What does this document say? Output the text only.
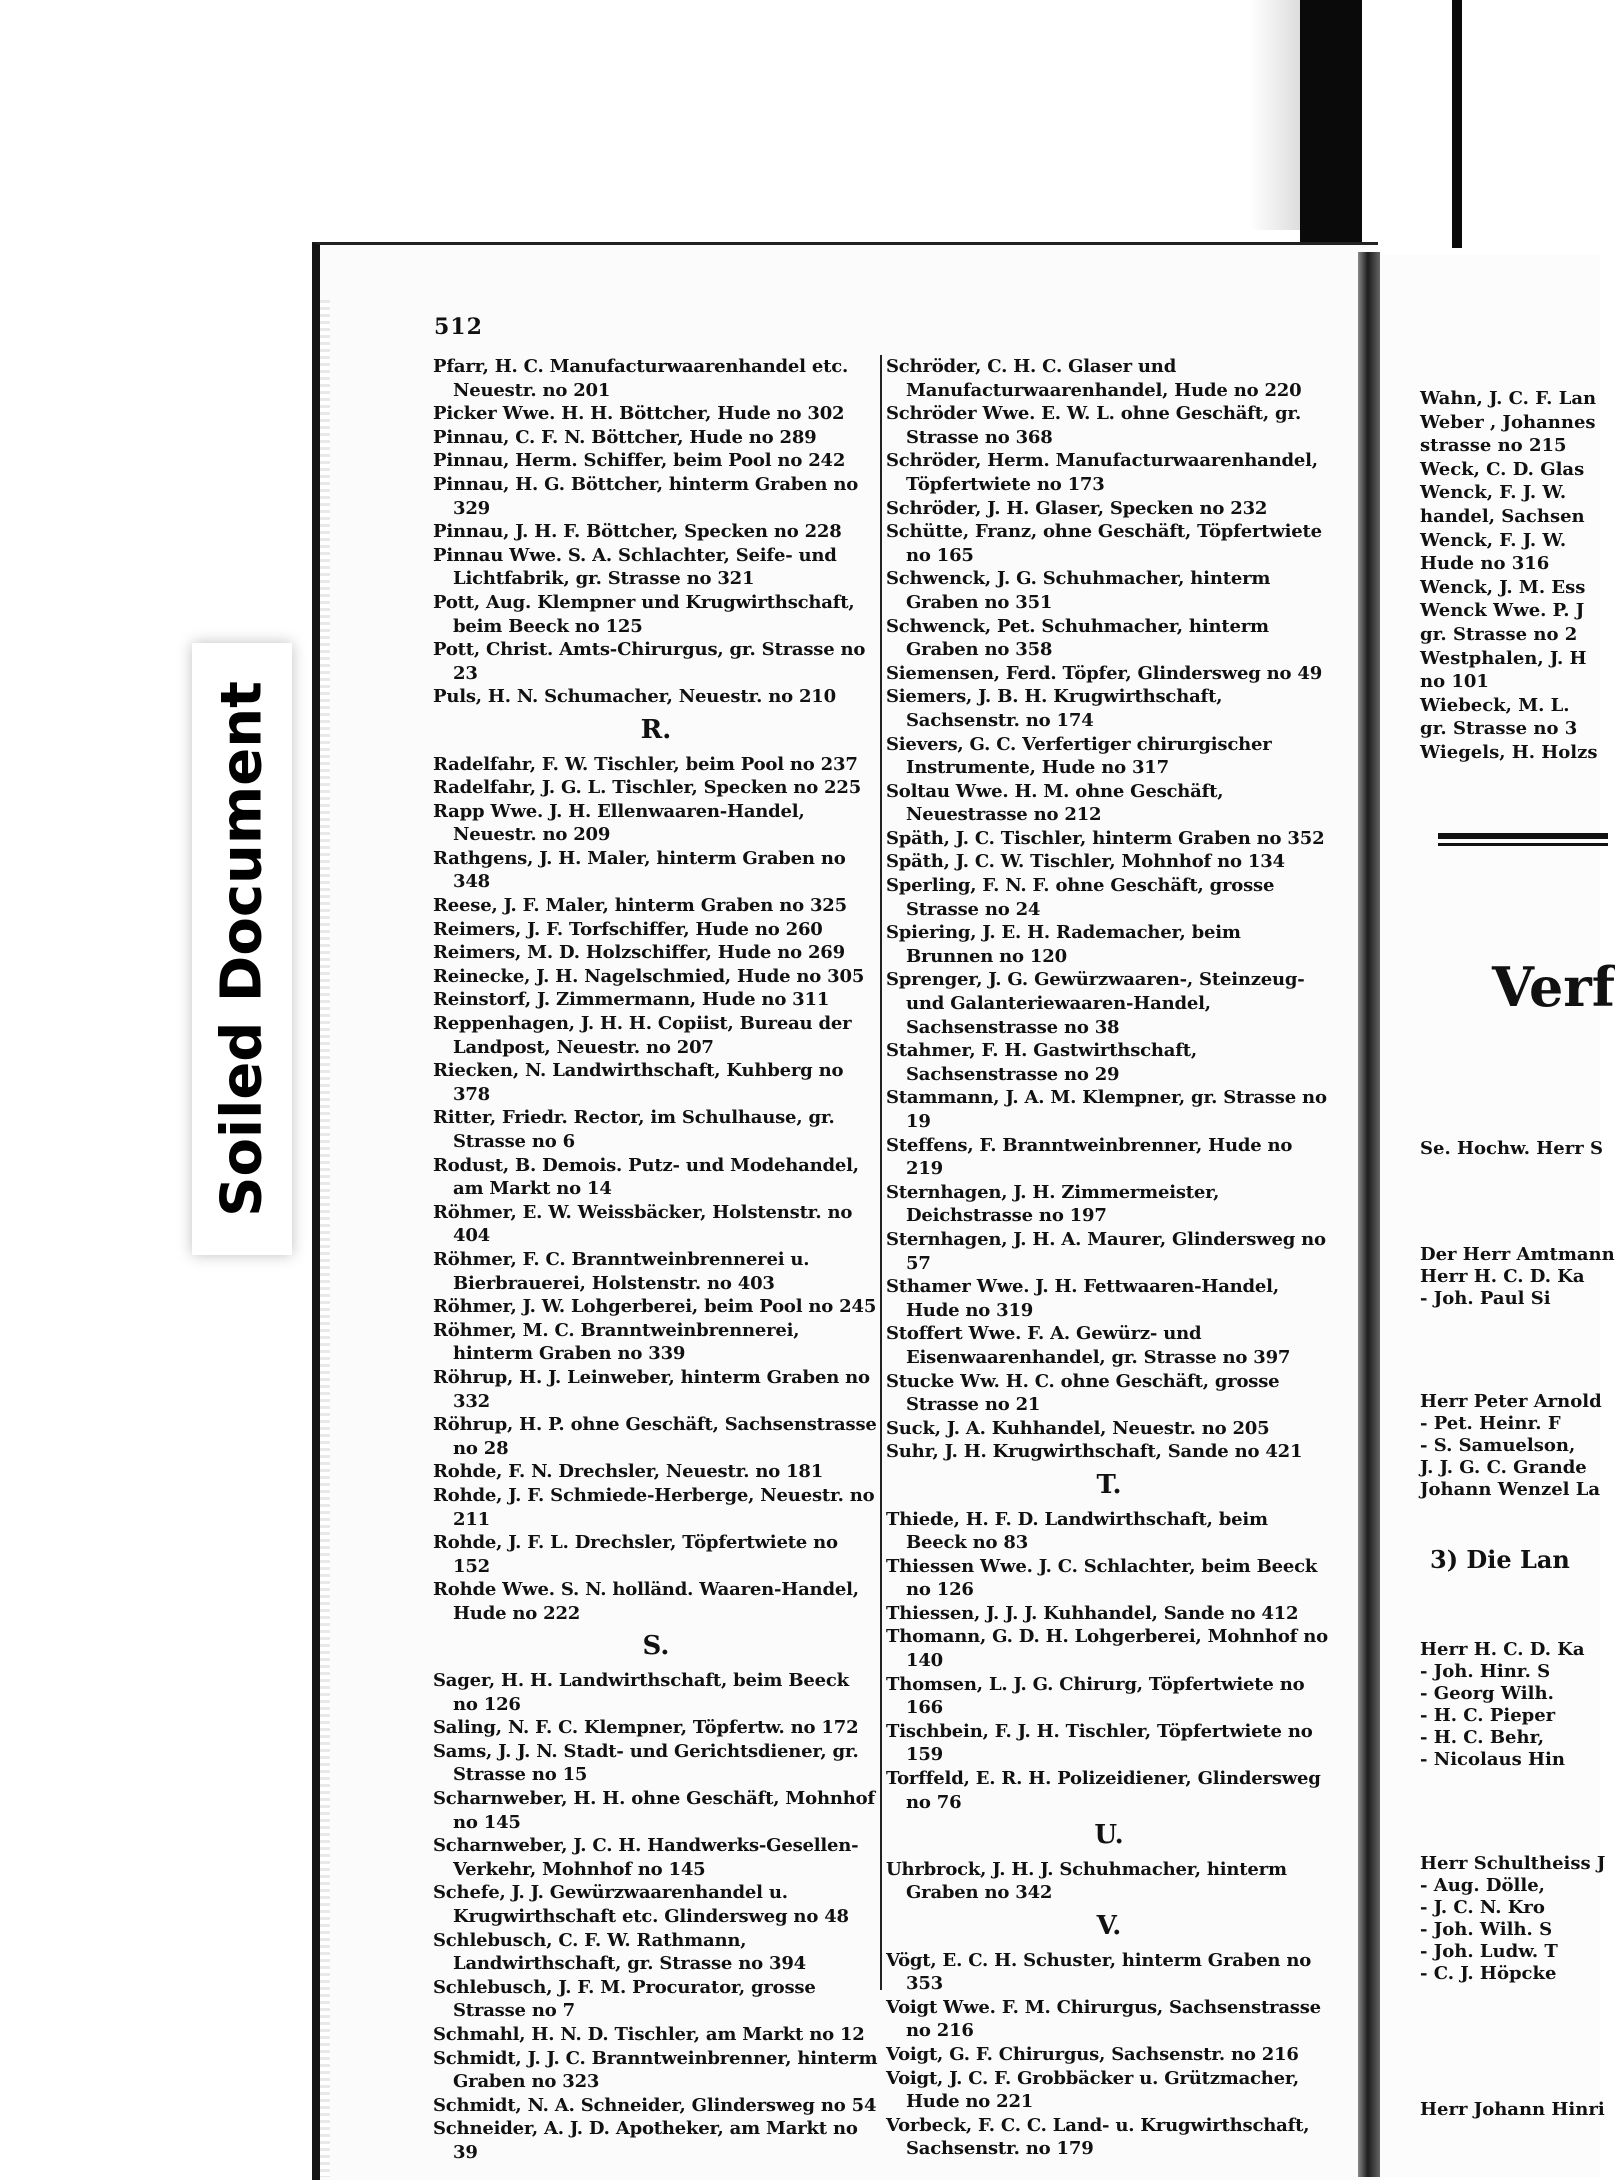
512
Pfarr, H. C. Manufacturwaarenhandel etc. Neuestr. no 201
Picker Wwe. H. H. Böttcher, Hude no 302
Pinnau, C. F. N. Böttcher, Hude no 289
Pinnau, Herm. Schiffer, beim Pool no 242
Pinnau, H. G. Böttcher, hinterm Graben no 329
Pinnau, J. H. F. Böttcher, Specken no 228
Pinnau Wwe. S. A. Schlachter, Seife- und Lichtfabrik, gr. Strasse no 321
Pott, Aug. Klempner und Krugwirthschaft, beim Beeck no 125
Pott, Christ. Amts-Chirurgus, gr. Strasse no 23
Puls, H. N. Schumacher, Neuestr. no 210
R.
Radelfahr, F. W. Tischler, beim Pool no 237
Radelfahr, J. G. L. Tischler, Specken no 225
Rapp Wwe. J. H. Ellenwaaren-Handel, Neuestr. no 209
Rathgens, J. H. Maler, hinterm Graben no 348
Reese, J. F. Maler, hinterm Graben no 325
Reimers, J. F. Torfschiffer, Hude no 260
Reimers, M. D. Holzschiffer, Hude no 269
Reinecke, J. H. Nagelschmied, Hude no 305
Reinstorf, J. Zimmermann, Hude no 311
Reppenhagen, J. H. H. Copiist, Bureau der Landpost, Neuestr. no 207
Riecken, N. Landwirthschaft, Kuhberg no 378
Ritter, Friedr. Rector, im Schulhause, gr. Strasse no 6
Rodust, B. Demois. Putz- und Modehandel, am Markt no 14
Röhmer, E. W. Weissbäcker, Holstenstr. no 404
Röhmer, F. C. Branntweinbrennerei u. Bierbrauerei, Holstenstr. no 403
Röhmer, J. W. Lohgerberei, beim Pool no 245
Röhmer, M. C. Branntweinbrennerei, hinterm Graben no 339
Röhrup, H. J. Leinweber, hinterm Graben no 332
Röhrup, H. P. ohne Geschäft, Sachsenstrasse no 28
Rohde, F. N. Drechsler, Neuestr. no 181
Rohde, J. F. Schmiede-Herberge, Neuestr. no 211
Rohde, J. F. L. Drechsler, Töpfertwiete no 152
Rohde Wwe. S. N. holländ. Waaren-Handel, Hude no 222
S.
Sager, H. H. Landwirthschaft, beim Beeck no 126
Saling, N. F. C. Klempner, Töpfertw. no 172
Sams, J. J. N. Stadt- und Gerichtsdiener, gr. Strasse no 15
Scharnweber, H. H. ohne Geschäft, Mohnhof no 145
Scharnweber, J. C. H. Handwerks-Gesellen-Verkehr, Mohnhof no 145
Schefe, J. J. Gewürzwaarenhandel u. Krugwirthschaft etc. Glindersweg no 48
Schlebusch, C. F. W. Rathmann, Landwirthschaft, gr. Strasse no 394
Schlebusch, J. F. M. Procurator, grosse Strasse no 7
Schmahl, H. N. D. Tischler, am Markt no 12
Schmidt, J. J. C. Branntweinbrenner, hinterm Graben no 323
Schmidt, N. A. Schneider, Glindersweg no 54
Schneider, A. J. D. Apotheker, am Markt no 39
Schröder, C. H. C. Glaser und Manufacturwaarenhandel, Hude no 220
Schröder Wwe. E. W. L. ohne Geschäft, gr. Strasse no 368
Schröder, Herm. Manufacturwaarenhandel, Töpfertwiete no 173
Schröder, J. H. Glaser, Specken no 232
Schütte, Franz, ohne Geschäft, Töpfertwiete no 165
Schwenck, J. G. Schuhmacher, hinterm Graben no 351
Schwenck, Pet. Schuhmacher, hinterm Graben no 358
Siemensen, Ferd. Töpfer, Glindersweg no 49
Siemers, J. B. H. Krugwirthschaft, Sachsenstr. no 174
Sievers, G. C. Verfertiger chirurgischer Instrumente, Hude no 317
Soltau Wwe. H. M. ohne Geschäft, Neuestrasse no 212
Späth, J. C. Tischler, hinterm Graben no 352
Späth, J. C. W. Tischler, Mohnhof no 134
Sperling, F. N. F. ohne Geschäft, grosse Strasse no 24
Spiering, J. E. H. Rademacher, beim Brunnen no 120
Sprenger, J. G. Gewürzwaaren-, Steinzeug- und Galanteriewaaren-Handel, Sachsenstrasse no 38
Stahmer, F. H. Gastwirthschaft, Sachsenstrasse no 29
Stammann, J. A. M. Klempner, gr. Strasse no 19
Steffens, F. Branntweinbrenner, Hude no 219
Sternhagen, J. H. Zimmermeister, Deichstrasse no 197
Sternhagen, J. H. A. Maurer, Glindersweg no 57
Sthamer Wwe. J. H. Fettwaaren-Handel, Hude no 319
Stoffert Wwe. F. A. Gewürz- und Eisenwaarenhandel, gr. Strasse no 397
Stucke Ww. H. C. ohne Geschäft, grosse Strasse no 21
Suck, J. A. Kuhhandel, Neuestr. no 205
Suhr, J. H. Krugwirthschaft, Sande no 421
T.
Thiede, H. F. D. Landwirthschaft, beim Beeck no 83
Thiessen Wwe. J. C. Schlachter, beim Beeck no 126
Thiessen, J. J. J. Kuhhandel, Sande no 412
Thomann, G. D. H. Lohgerberei, Mohnhof no 140
Thomsen, L. J. G. Chirurg, Töpfertwiete no 166
Tischbein, F. J. H. Tischler, Töpfertwiete no 159
Torffeld, E. R. H. Polizeidiener, Glindersweg no 76
U.
Uhrbrock, J. H. J. Schuhmacher, hinterm Graben no 342
V.
Vögt, E. C. H. Schuster, hinterm Graben no 353
Voigt Wwe. F. M. Chirurgus, Sachsenstrasse no 216
Voigt, G. F. Chirurgus, Sachsenstr. no 216
Voigt, J. C. F. Grobbäcker u. Grützmacher, Hude no 221
Vorbeck, F. C. C. Land- u. Krugwirthschaft, Sachsenstr. no 179
Verf
3) Die Lan
Wahn, J. C. F. Lan
Weber , Johannes
strasse no 215
Weck, C. D. Glas
Wenck, F. J. W.
handel, Sachsen
Wenck, F. J. W.
Hude no 316
Wenck, J. M. Ess
Wenck Wwe. P. J
gr. Strasse no 2
Westphalen, J. H
no 101
Wiebeck, M. L.
gr. Strasse no 3
Wiegels, H. Holzs
Se. Hochw. Herr S
Der Herr Amtmann
Herr H. C. D. Ka
- Joh. Paul Si
Herr Peter Arnold
- Pet. Heinr. F
- S. Samuelson,
J. J. G. C. Grande
Johann Wenzel La
Herr H. C. D. Ka
- Joh. Hinr. S
- Georg Wilh.
- H. C. Pieper
- H. C. Behr,
- Nicolaus Hin
Herr Schultheiss J
- Aug. Dölle,
- J. C. N. Kro
- Joh. Wilh. S
- Joh. Ludw. T
- C. J. Höpcke
Herr Johann Hinri
Soiled Document
